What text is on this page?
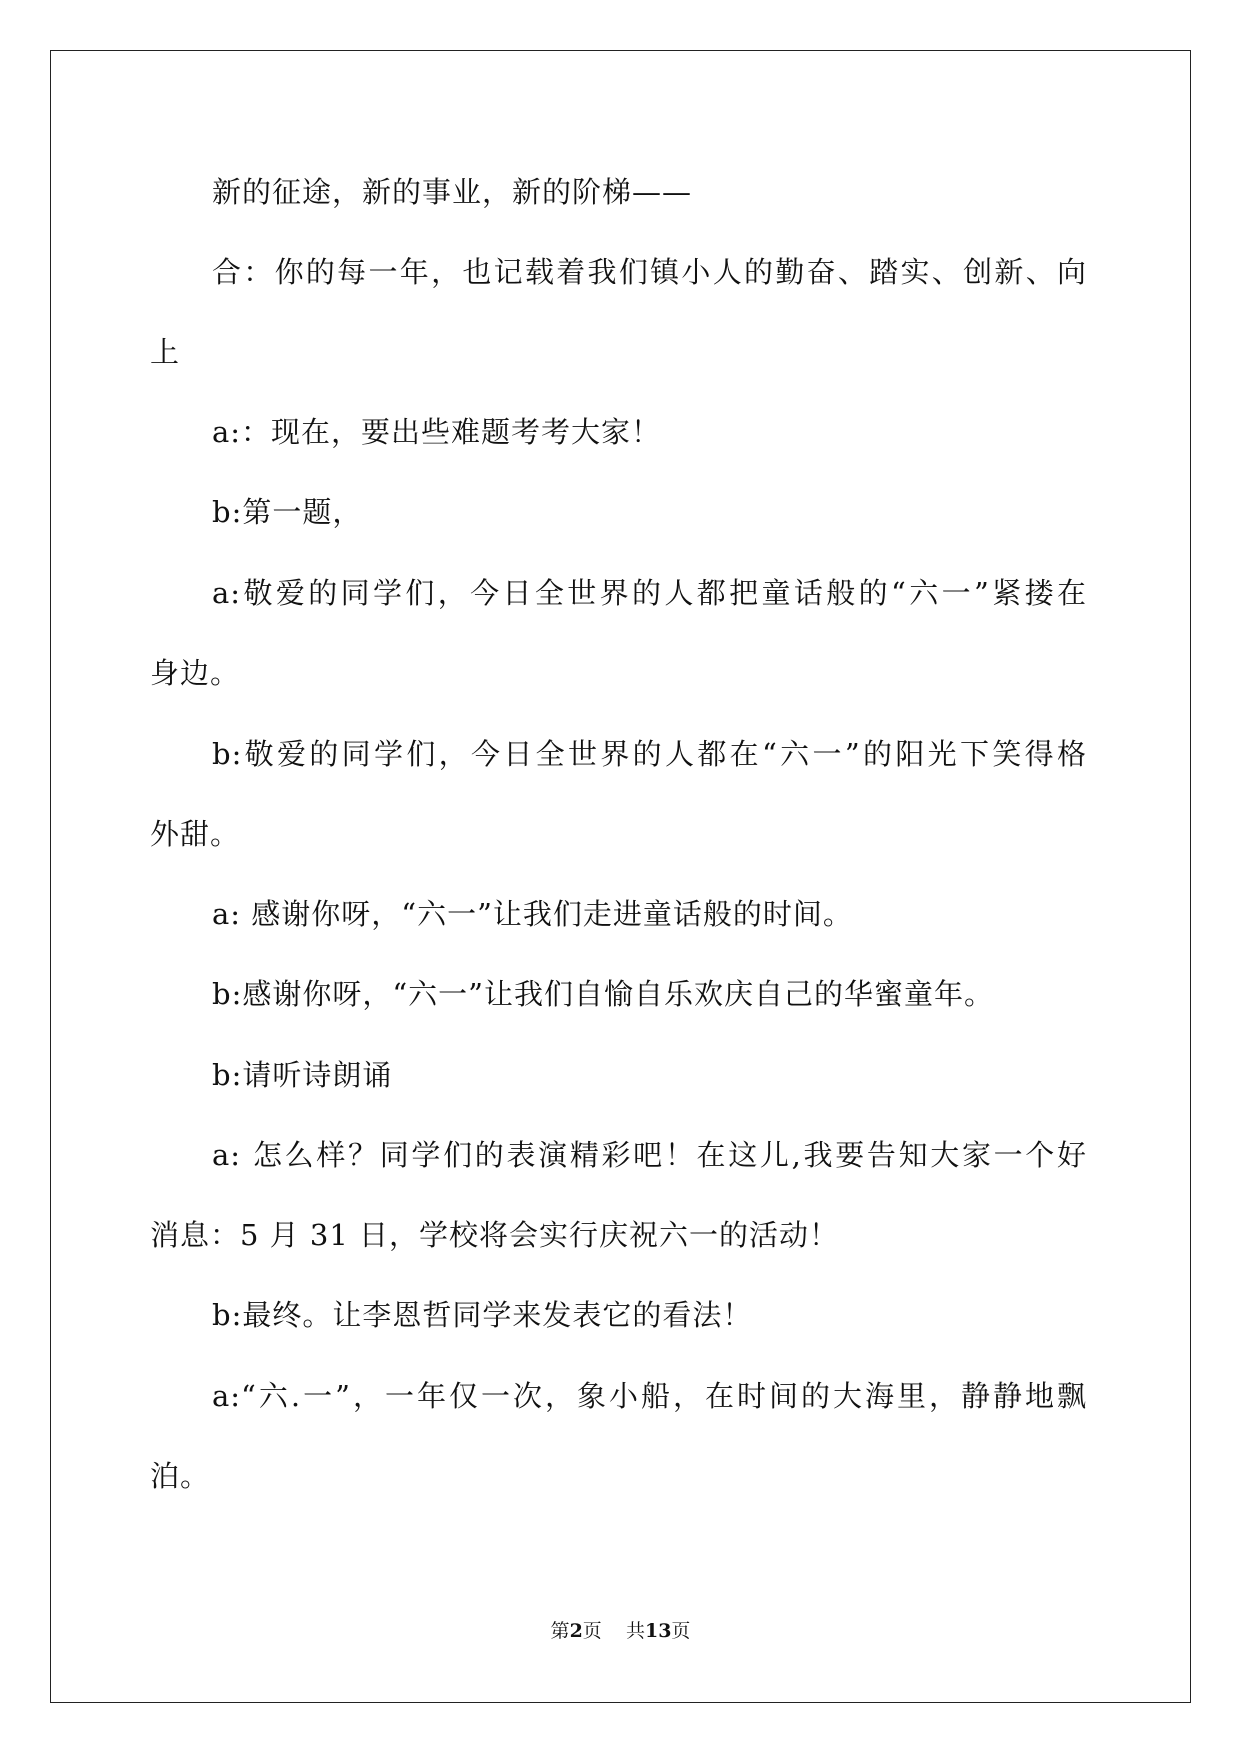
新的征途，新的事业，新的阶梯——
合：你的每一年，也记载着我们镇小人的勤奋、踏实、创新、向
上
a:：现在，要出些难题考考大家！
b:第一题，
a:敬爱的同学们，今日全世界的人都把童话般的“六一”紧搂在
身边。
b:敬爱的同学们，今日全世界的人都在“六一”的阳光下笑得格
外甜。
a: 感谢你呀，“六一”让我们走进童话般的时间。
b:感谢你呀，“六一”让我们自愉自乐欢庆自己的华蜜童年。
b:请听诗朗诵
a: 怎么样？同学们的表演精彩吧！在这儿,我要告知大家一个好
消息：5 月 31 日，学校将会实行庆祝六一的活动！
b:最终。让李恩哲同学来发表它的看法！
a:“六.一”，一年仅一次，象小船，在时间的大海里，静静地飘
泊。
第2页    共13页
